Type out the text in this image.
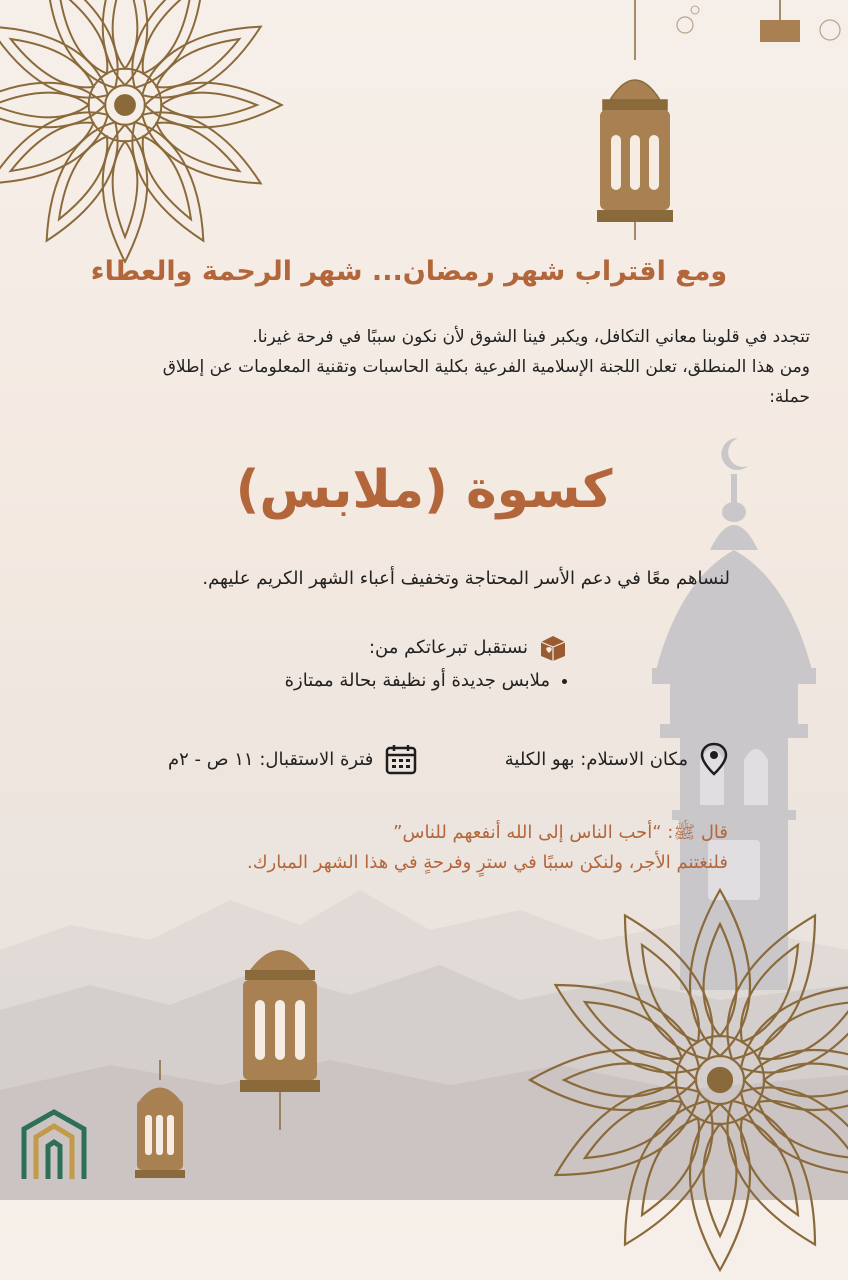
ومع اقتراب شهر رمضان... شهر الرحمة والعطاء

تتجدد في قلوبنا معاني التكافل، ويكبر فينا الشوق لأن نكون سببًا في فرحة غيرنا.

ومن هذا المنطلق، تعلن اللجنة الإسلامية الفرعية بكلية الحاسبات وتقنية المعلومات عن إطلاق

حملة:

كسوة (ملابس)
لنساهم معًا في دعم الأسر المحتاجة وتخفيف أعباء الشهر الكريم عليهم.
نستقبل تبرعاتكم من:
• ملابس جديدة أو نظيفة بحالة ممتازة
مكان الاستلام: بهو الكلية
فترة الاستقبال: ١١ ص - ٢م

قال ﷺ: “أحب الناس إلى الله أنفعهم للناس”

فلنغتنم الأجر، ولنكن سببًا في سترٍ وفرحةٍ في هذا الشهر المبارك.
